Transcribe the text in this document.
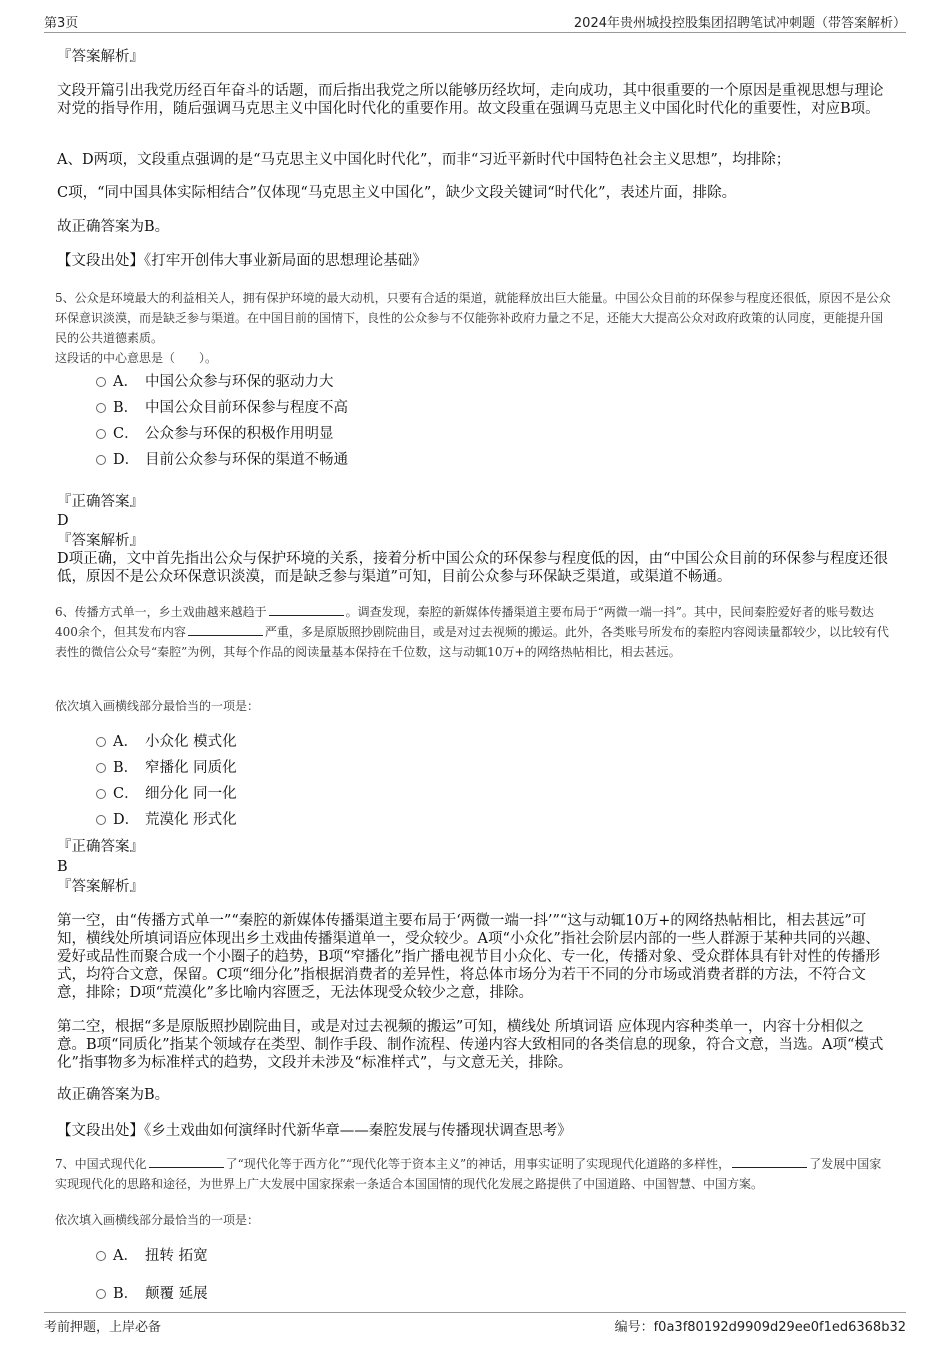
第3页	2024年贵州城投控股集团招聘笔试冲刺题（带答案解析）

『答案解析』

文段开篇引出我党历经百年奋斗的话题，而后指出我党之所以能够历经坎坷，走向成功，其中很重要的一个原因是重视思想与理论对党的指导作用，随后强调马克思主义中国化时代化的重要作用。故文段重在强调马克思主义中国化时代化的重要性，对应B项。

A、D两项，文段重点强调的是“马克思主义中国化时代化”，而非“习近平新时代中国特色社会主义思想”，均排除；

C项，“同中国具体实际相结合”仅体现“马克思主义中国化”，缺少文段关键词“时代化”，表述片面，排除。

故正确答案为B。

【文段出处】《打牢开创伟大事业新局面的思想理论基础》

5、公众是环境最大的利益相关人，拥有保护环境的最大动机，只要有合适的渠道，就能释放出巨大能量。中国公众目前的环保参与程度还很低，原因不是公众环保意识淡漠，而是缺乏参与渠道。在中国目前的国情下，良性的公众参与不仅能弥补政府力量之不足，还能大大提高公众对政府政策的认同度，更能提升国民的公共道德素质。

这段话的中心意思是（　　）。

A． 中国公众参与环保的驱动力大
B． 中国公众目前环保参与程度不高
C． 公众参与环保的积极作用明显
D． 目前公众参与环保的渠道不畅通

『正确答案』

D

『答案解析』

D项正确，文中首先指出公众与保护环境的关系，接着分析中国公众的环保参与程度低的因，由“中国公众目前的环保参与程度还很低，原因不是公众环保意识淡漠，而是缺乏参与渠道”可知，目前公众参与环保缺乏渠道，或渠道不畅通。

6、传播方式单一，乡土戏曲越来越趋于	。调查发现，秦腔的新媒体传播渠道主要布局于“两微一端一抖”。其中，民间秦腔爱好者的账号数达400余个，但其发布内容	严重，多是原版照抄剧院曲目，或是对过去视频的搬运。此外，各类账号所发布的秦腔内容阅读量都较少，以比较有代表性的微信公众号“秦腔”为例，其每个作品的阅读量基本保持在千位数，这与动辄10万+的网络热帖相比，相去甚远。

依次填入画横线部分最恰当的一项是：

A． 小众化 模式化
B． 窄播化 同质化
C． 细分化 同一化
D． 荒漠化 形式化

『正确答案』

B

『答案解析』

第一空，由“传播方式单一”“秦腔的新媒体传播渠道主要布局于‘两微一端一抖’”“这与动辄10万+的网络热帖相比，相去甚远”可知，横线处所填词语应体现出乡土戏曲传播渠道单一，受众较少。A项“小众化”指社会阶层内部的一些人群源于某种共同的兴趣、爱好或品性而聚合成一个小圈子的趋势，B项“窄播化”指广播电视节目小众化、专一化，传播对象、受众群体具有针对性的传播形式，均符合文意，保留。C项“细分化”指根据消费者的差异性，将总体市场分为若干不同的分市场或消费者群的方法，不符合文意，排除；D项“荒漠化”多比喻内容匮乏，无法体现受众较少之意，排除。

第二空，根据“多是原版照抄剧院曲目，或是对过去视频的搬运”可知，横线处 所填词语 应体现内容种类单一，内容十分相似之意。B项“同质化”指某个领域存在类型、制作手段、制作流程、传递内容大致相同的各类信息的现象，符合文意，当选。A项“模式化”指事物多为标准样式的趋势，文段并未涉及“标准样式”，与文意无关，排除。

故正确答案为B。

【文段出处】《乡土戏曲如何演绎时代新华章——秦腔发展与传播现状调查思考》

7、中国式现代化	了“现代化等于西方化”“现代化等于资本主义”的神话，用事实证明了实现现代化道路的多样性，	了发展中国家实现现代化的思路和途径，为世界上广大发展中国家探索一条适合本国国情的现代化发展之路提供了中国道路、中国智慧、中国方案。

依次填入画横线部分最恰当的一项是：

A． 扭转 拓宽
B． 颠覆 延展
考前押题，上岸必备	编号：f0a3f80192d9909d29ee0f1ed6368b32
